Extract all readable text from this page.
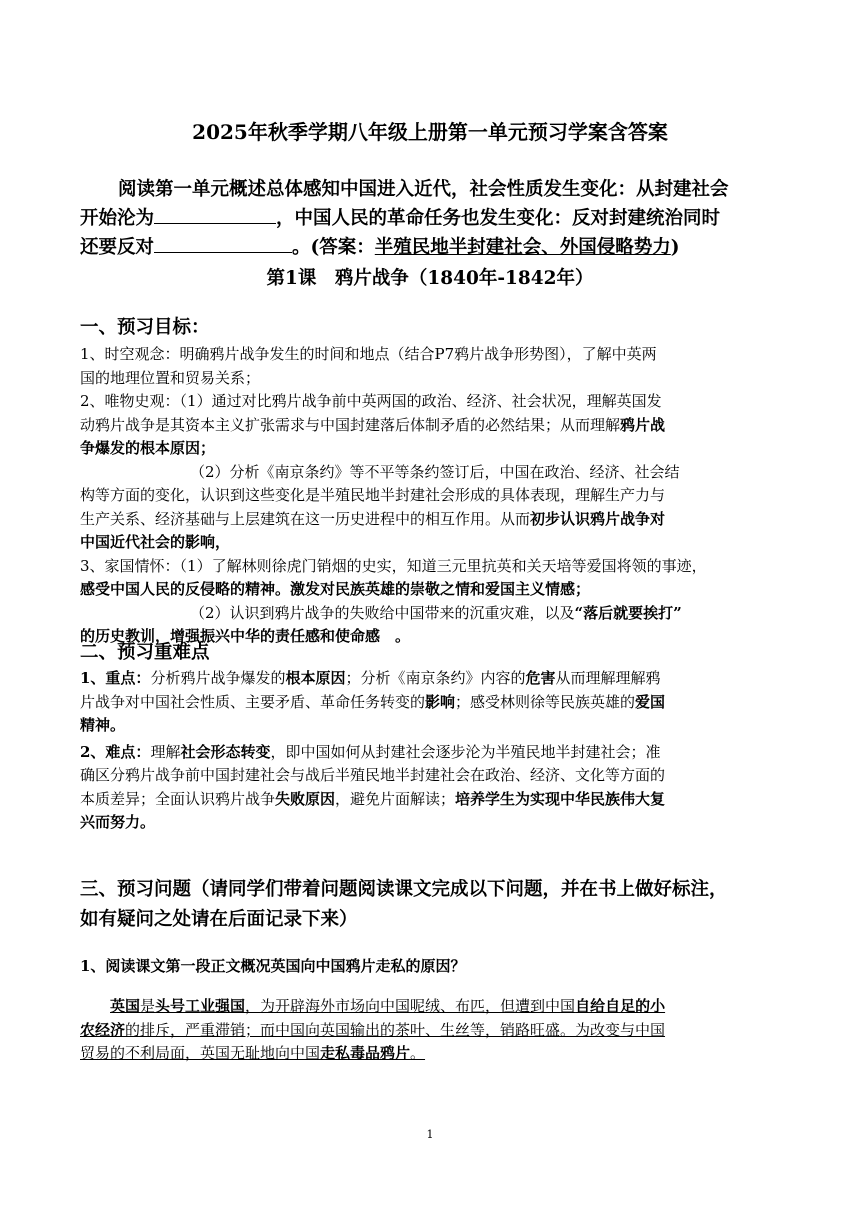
2025年秋季学期八年级上册第一单元预习学案含答案
阅读第一单元概述总体感知中国进入近代，社会性质发生变化：从封建社会
开始沦为	，中国人民的革命任务也发生变化：反对封建统治同时
还要反对	。(答案：半殖民地半封建社会、外国侵略势力)
第1课　鸦片战争（1840年-1842年）
一、预习目标：
1、时空观念：明确鸦片战争发生的时间和地点（结合P7鸦片战争形势图），了解中英两
国的地理位置和贸易关系；
2、唯物史观：（1）通过对比鸦片战争前中英两国的政治、经济、社会状况，理解英国发
动鸦片战争是其资本主义扩张需求与中国封建落后体制矛盾的必然结果；从而理解鸦片战
争爆发的根本原因；
（2）分析《南京条约》等不平等条约签订后，中国在政治、经济、社会结
构等方面的变化，认识到这些变化是半殖民地半封建社会形成的具体表现，理解生产力与
生产关系、经济基础与上层建筑在这一历史进程中的相互作用。从而初步认识鸦片战争对
中国近代社会的影响，
3、家国情怀：（1）了解林则徐虎门销烟的史实，知道三元里抗英和关天培等爱国将领的事迹，
感受中国人民的反侵略的精神。激发对民族英雄的崇敬之情和爱国主义情感；
（2）认识到鸦片战争的失败给中国带来的沉重灾难，以及“落后就要挨打”
的历史教训，增强振兴中华的责任感和使命感　。
二、预习重难点
1、重点：分析鸦片战争爆发的根本原因；分析《南京条约》内容的危害从而理解理解鸦
片战争对中国社会性质、主要矛盾、革命任务转变的影响；感受林则徐等民族英雄的爱国
精神。
2、难点：理解社会形态转变，即中国如何从封建社会逐步沦为半殖民地半封建社会；准
确区分鸦片战争前中国封建社会与战后半殖民地半封建社会在政治、经济、文化等方面的
本质差异；全面认识鸦片战争失败原因，避免片面解读；培养学生为实现中华民族伟大复
兴而努力。
三、预习问题（请同学们带着问题阅读课文完成以下问题，并在书上做好标注，
如有疑问之处请在后面记录下来）
1、阅读课文第一段正文概况英国向中国鸦片走私的原因？
英国是头号工业强国，为开辟海外市场向中国呢绒、布匹，但遭到中国自给自足的小
农经济的排斥，严重滞销；而中国向英国输出的茶叶、生丝等，销路旺盛。为改变与中国
贸易的不利局面，英国无耻地向中国走私毒品鸦片。
1
